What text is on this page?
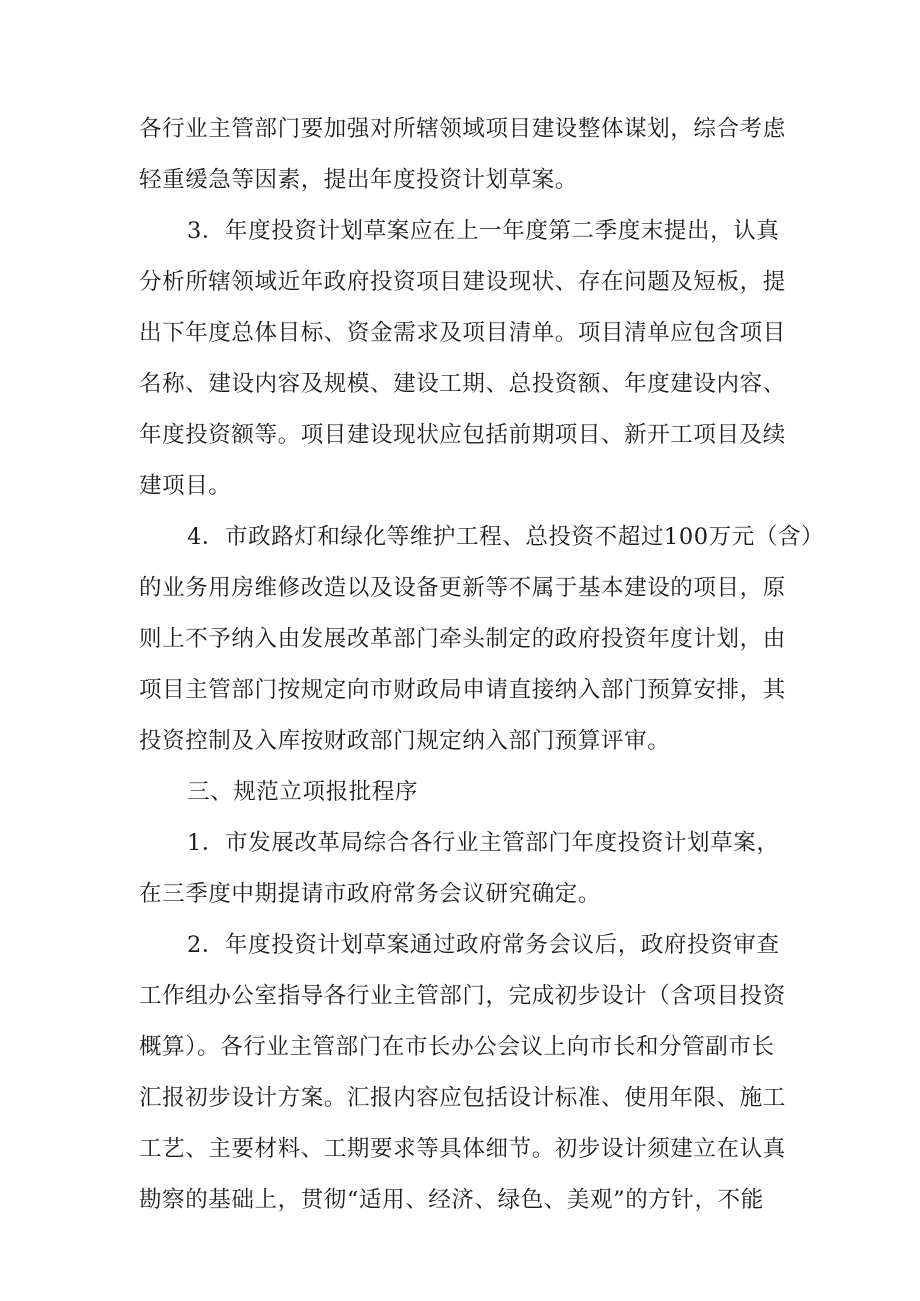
各行业主管部门要加强对所辖领域项目建设整体谋划，综合考虑
轻重缓急等因素，提出年度投资计划草案。
3．年度投资计划草案应在上一年度第二季度末提出，认真
分析所辖领域近年政府投资项目建设现状、存在问题及短板，提
出下年度总体目标、资金需求及项目清单。项目清单应包含项目
名称、建设内容及规模、建设工期、总投资额、年度建设内容、
年度投资额等。项目建设现状应包括前期项目、新开工项目及续
建项目。
4．市政路灯和绿化等维护工程、总投资不超过100万元（含）
的业务用房维修改造以及设备更新等不属于基本建设的项目，原
则上不予纳入由发展改革部门牵头制定的政府投资年度计划，由
项目主管部门按规定向市财政局申请直接纳入部门预算安排，其
投资控制及入库按财政部门规定纳入部门预算评审。
三、规范立项报批程序
1．市发展改革局综合各行业主管部门年度投资计划草案，
在三季度中期提请市政府常务会议研究确定。
2．年度投资计划草案通过政府常务会议后，政府投资审查
工作组办公室指导各行业主管部门，完成初步设计（含项目投资
概算）。各行业主管部门在市长办公会议上向市长和分管副市长
汇报初步设计方案。汇报内容应包括设计标准、使用年限、施工
工艺、主要材料、工期要求等具体细节。初步设计须建立在认真
勘察的基础上，贯彻“适用、经济、绿色、美观”的方针，不能
